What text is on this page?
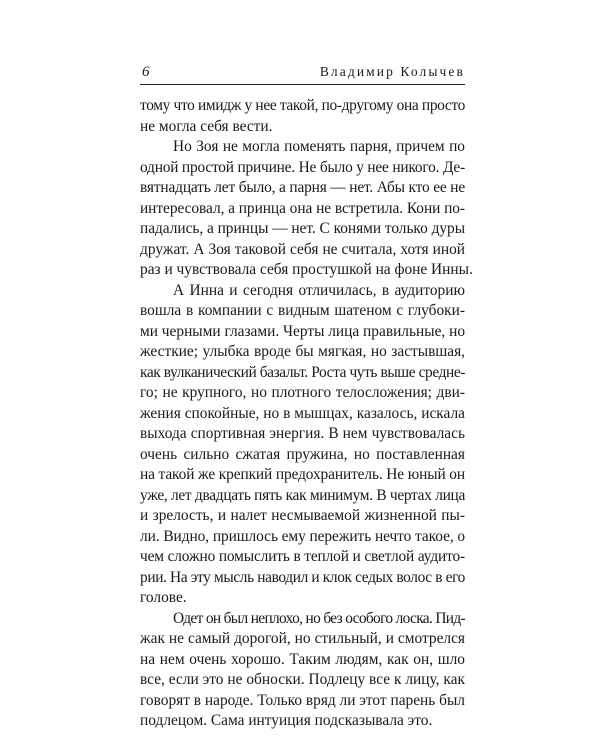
6	Владимир Колычев
тому что имидж у нее такой, по-другому она просто
не могла себя вести.
Но Зоя не могла поменять парня, причем по
одной простой причине. Не было у нее никого. Де-
вятнадцать лет было, а парня — нет. Абы кто ее не
интересовал, а принца она не встретила. Кони по-
падались, а принцы — нет. С конями только дуры
дружат. А Зоя таковой себя не считала, хотя иной
раз и чувствовала себя простушкой на фоне Инны.
А Инна и сегодня отличилась, в аудиторию
вошла в компании с видным шатеном с глубоки-
ми черными глазами. Черты лица правильные, но
жесткие; улыбка вроде бы мягкая, но застывшая,
как вулканический базальт. Роста чуть выше средне-
го; не крупного, но плотного телосложения; дви-
жения спокойные, но в мышцах, казалось, искала
выхода спортивная энергия. В нем чувствовалась
очень сильно сжатая пружина, но поставленная
на такой же крепкий предохранитель. Не юный он
уже, лет двадцать пять как минимум. В чертах лица
и зрелость, и налет несмываемой жизненной пы-
ли. Видно, пришлось ему пережить нечто такое, о
чем сложно помыслить в теплой и светлой аудито-
рии. На эту мысль наводил и клок седых волос в его
голове.
Одет он был неплохо, но без особого лоска. Пид-
жак не самый дорогой, но стильный, и смотрелся
на нем очень хорошо. Таким людям, как он, шло
все, если это не обноски. Подлецу все к лицу, как
говорят в народе. Только вряд ли этот парень был
подлецом. Сама интуиция подсказывала это.
